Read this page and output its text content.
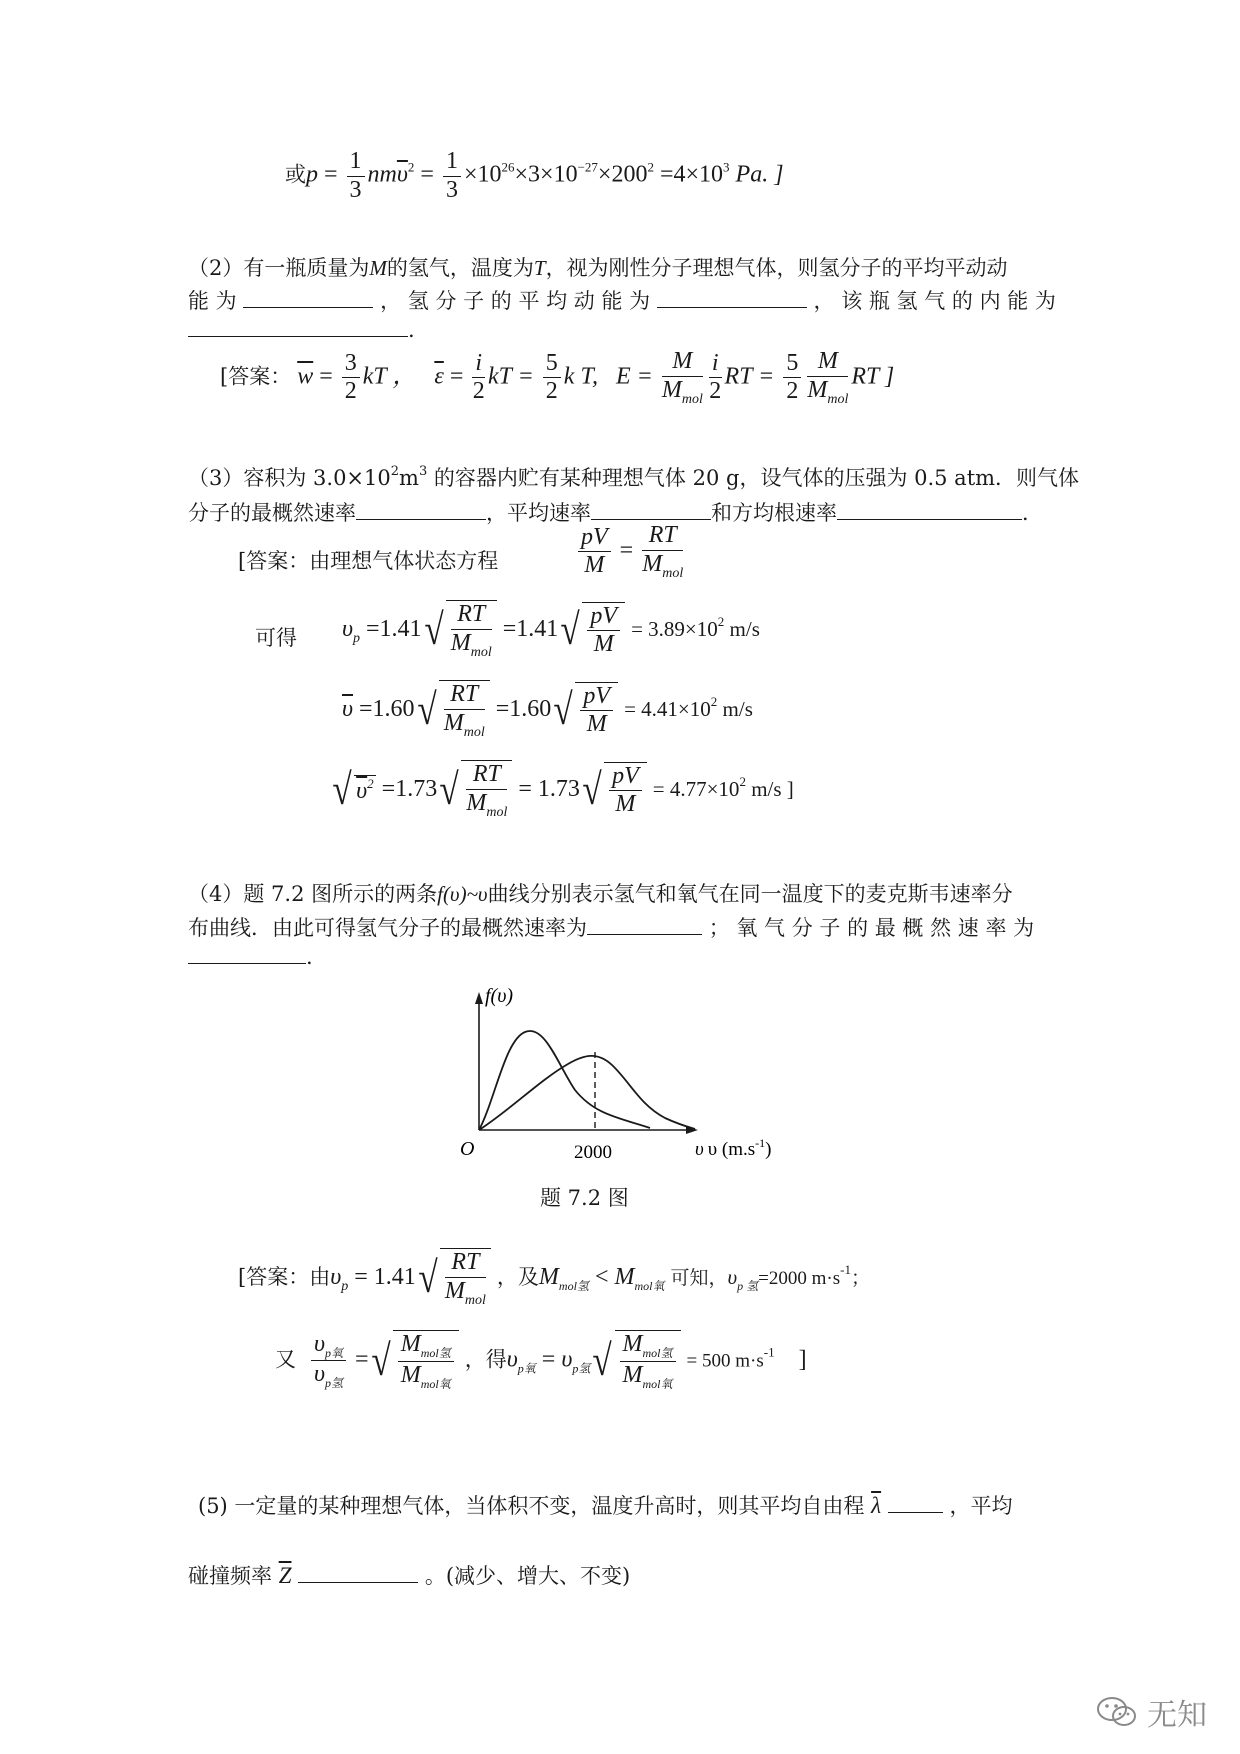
或$p = \frac{1}{3} nm\overline{\upsilon}^2 = \frac{1}{3} \times 10^{26}\times 3\times 10^{-27}\times 200^2 =4\times 10^3$ Pa. ]
（2）有一瓶质量为M的氢气，温度为T，视为刚性分子理想气体，则氢分子的平均平动动
能 为	， 氢 分 子 的 平 均 动 能 为	， 该 瓶 氢 气 的 内 能 为
.
[答案： $\overline{w} = \frac{3}{2}$ kT ， $\overline{\varepsilon} = \frac{i}{2}$ kT = $\frac{5}{2}$ k T, $E = \frac{M}{M_{mol}} \frac{i}{2}$ RT = $\frac{5}{2} \frac{M}{M_{mol}}$ RT ]
（3）容积为 $3.0\times 10^2m^3$ 的容器内贮有某种理想气体 20 g，设气体的压强为 0.5 atm．则气体
分子的最概然速率	，平均速率	和方均根速率	．
[答案：由理想气体状态方程	$\frac{pV}{M} = \frac{RT}{M_{mol}}$
可得 $\upsilon_p =1.41√ \frac{RT}{M_{mol}} =1.41√ \frac{pV}{M} = 3.89\times 10^2$ m/s
$\overline{\upsilon} =1.60√ \frac{RT}{M_{mol}} =1.60√ \frac{pV}{M} = 4.41\times 10^2$ m/s
√ $\upsilon^2 =1.73√ \frac{RT}{M_{mol}} = 1.73√ \frac{pV}{M} = 4.77\times 10^2$ m/s ]
（4）题 7.2 图所示的两条f(υ)~υ曲线分别表示氢气和氧气在同一温度下的麦克斯韦速率分
布曲线．由此可得氢气分子的最概然速率为	； 氧 气 分 子 的 最 概 然 速 率 为
.
f(υ)
O	2000	υ υ $(m.s^{-1})$
题 7.2 图
[答案：由$\upsilon_p = 1.41√ \frac{RT}{M_{mol}}$ ，及$M_{mol氢} < M_{mol氧}$ 可知，$\upsilon_{p 氢}=2000$ $m\cdot s^{-1}$；
又 $\frac{\upsilon_{p氧}}{\upsilon_{p氢}}$ =√ $\frac{M_{mol氢}}{M_{mol氧}}$ ，得$\upsilon_{p氧} = \upsilon_{p氢}√ \frac{M_{mol氢}}{M_{mol氧}} = 500$ $m\cdot s^{-1}$ ]
(5) 一定量的某种理想气体，当体积不变，温度升高时，则其平均自由程 $\overline{\lambda}$	，平均
碰撞频率 $\overline{Z}$	。(减少、增大、不变)
无知
